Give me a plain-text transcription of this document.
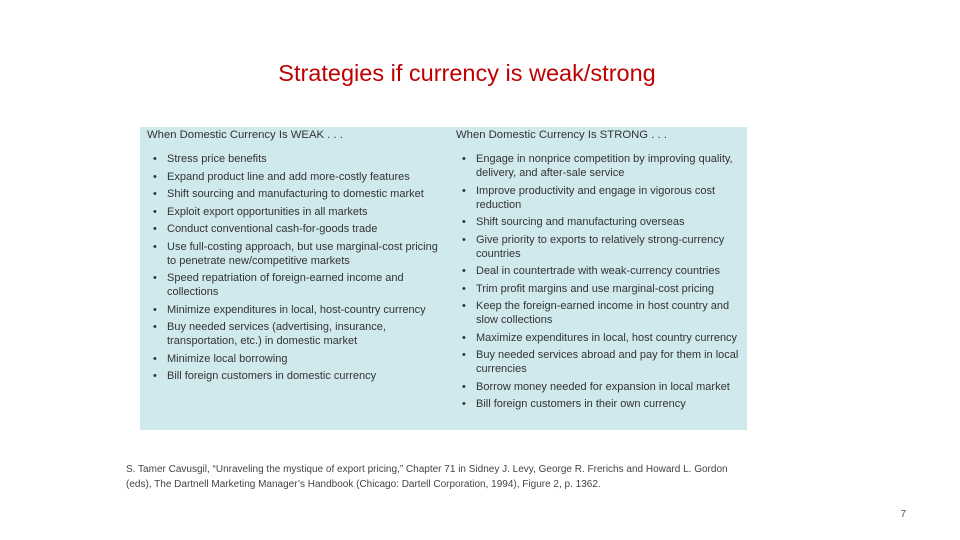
Strategies if currency is weak/strong
When Domestic Currency Is WEAK . . .
• Stress price benefits
• Expand product line and add more-costly features
• Shift sourcing and manufacturing to domestic market
• Exploit export opportunities in all markets
• Conduct conventional cash-for-goods trade
• Use full-costing approach, but use marginal-cost pricing to penetrate new/competitive markets
• Speed repatriation of foreign-earned income and collections
• Minimize expenditures in local, host-country currency
• Buy needed services (advertising, insurance, transportation, etc.) in domestic market
• Minimize local borrowing
• Bill foreign customers in domestic currency
When Domestic Currency Is STRONG . . .
• Engage in nonprice competition by improving quality, delivery, and after-sale service
• Improve productivity and engage in vigorous cost reduction
• Shift sourcing and manufacturing overseas
• Give priority to exports to relatively strong-currency countries
• Deal in countertrade with weak-currency countries
• Trim profit margins and use marginal-cost pricing
• Keep the foreign-earned income in host country and slow collections
• Maximize expenditures in local, host country currency
• Buy needed services abroad and pay for them in local currencies
• Borrow money needed for expansion in local market
• Bill foreign customers in their own currency
S. Tamer Cavusgil, “Unraveling the mystique of export pricing,” Chapter 71 in Sidney J. Levy, George R. Frerichs and Howard L. Gordon (eds), The Dartnell Marketing Manager’s Handbook (Chicago: Dartell Corporation, 1994), Figure 2, p. 1362.
7
